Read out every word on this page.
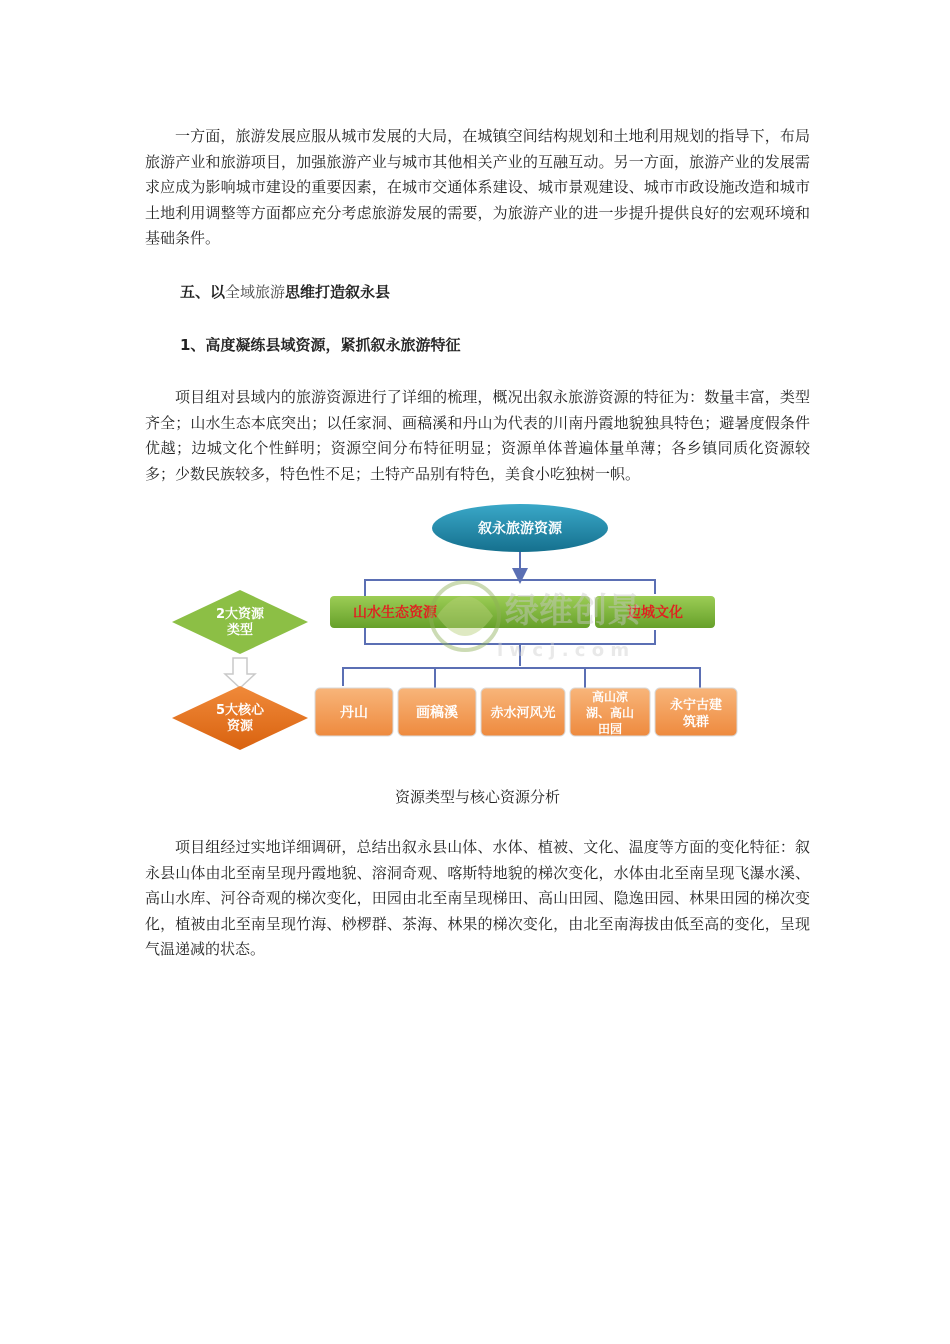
一方面，旅游发展应服从城市发展的大局，在城镇空间结构规划和土地利用规划的指导下，布局旅游产业和旅游项目，加强旅游产业与城市其他相关产业的互融互动。另一方面，旅游产业的发展需求应成为影响城市建设的重要因素，在城市交通体系建设、城市景观建设、城市市政设施改造和城市土地利用调整等方面都应充分考虑旅游发展的需要，为旅游产业的进一步提升提供良好的宏观环境和基础条件。

五、以全域旅游思维打造叙永县

1、高度凝练县域资源，紧抓叙永旅游特征

项目组对县域内的旅游资源进行了详细的梳理，概况出叙永旅游资源的特征为：数量丰富，类型齐全；山水生态本底突出；以任家洞、画稿溪和丹山为代表的川南丹霞地貌独具特色；避暑度假条件优越；边城文化个性鲜明；资源空间分布特征明显；资源单体普遍体量单薄；各乡镇同质化资源较多；少数民族较多，特色性不足；土特产品别有特色，美食小吃独树一帜。

叙永旅游资源
山水生态资源	边城文化
2大资源
类型
5大核心
资源
丹山	画稿溪 赤水河风光
高山凉
湖、高山
田园
永宁古建
筑群
绿维创景
l w c j . c o m

资源类型与核心资源分析

项目组经过实地详细调研，总结出叙永县山体、水体、植被、文化、温度等方面的变化特征：叙永县山体由北至南呈现丹霞地貌、溶洞奇观、喀斯特地貌的梯次变化，水体由北至南呈现飞瀑水溪、高山水库、河谷奇观的梯次变化，田园由北至南呈现梯田、高山田园、隐逸田园、林果田园的梯次变化，植被由北至南呈现竹海、桫椤群、茶海、林果的梯次变化，由北至南海拔由低至高的变化，呈现气温递减的状态。
